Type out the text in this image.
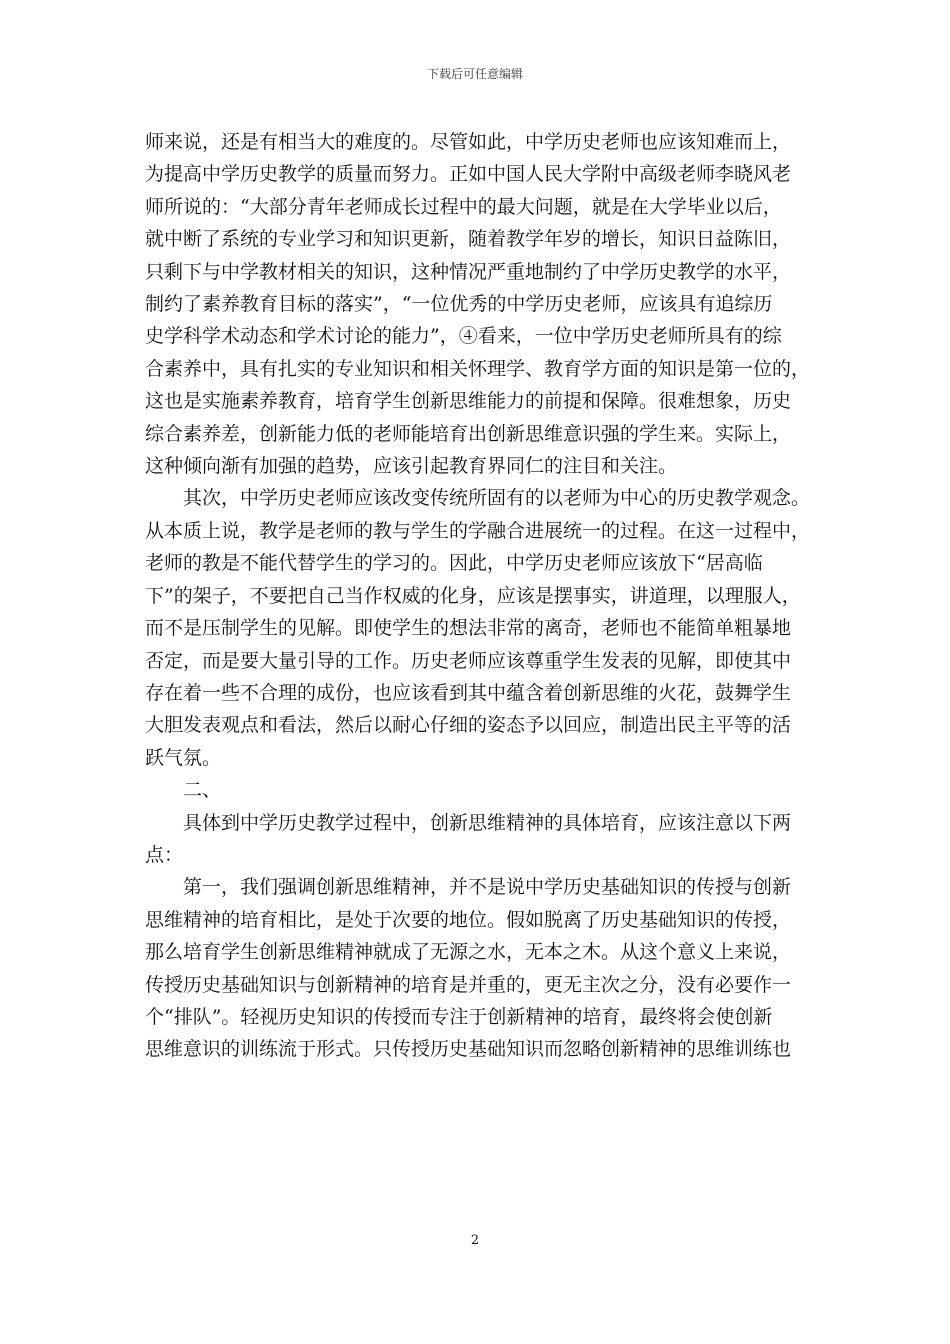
下载后可任意编辑

师来说，还是有相当大的难度的。尽管如此，中学历史老师也应该知难而上，
为提高中学历史教学的质量而努力。正如中国人民大学附中高级老师李晓风老
师所说的：“大部分青年老师成长过程中的最大问题，就是在大学毕业以后，
就中断了系统的专业学习和知识更新，随着教学年岁的增长，知识日益陈旧，
只剩下与中学教材相关的知识，这种情况严重地制约了中学历史教学的水平，
制约了素养教育目标的落实”，“一位优秀的中学历史老师，应该具有追综历
史学科学术动态和学术讨论的能力”，④看来，一位中学历史老师所具有的综
合素养中，具有扎实的专业知识和相关怀理学、教育学方面的知识是第一位的，
这也是实施素养教育，培育学生创新思维能力的前提和保障。很难想象，历史
综合素养差，创新能力低的老师能培育出创新思维意识强的学生来。实际上，
这种倾向渐有加强的趋势，应该引起教育界同仁的注目和关注。

其次，中学历史老师应该改变传统所固有的以老师为中心的历史教学观念。
从本质上说，教学是老师的教与学生的学融合进展统一的过程。在这一过程中，
老师的教是不能代替学生的学习的。因此，中学历史老师应该放下“居高临
下”的架子，不要把自己当作权威的化身，应该是摆事实，讲道理，以理服人，
而不是压制学生的见解。即使学生的想法非常的离奇，老师也不能简单粗暴地
否定，而是要大量引导的工作。历史老师应该尊重学生发表的见解，即使其中
存在着一些不合理的成份，也应该看到其中蕴含着创新思维的火花，鼓舞学生
大胆发表观点和看法，然后以耐心仔细的姿态予以回应，制造出民主平等的活
跃气氛。

二、

具体到中学历史教学过程中，创新思维精神的具体培育，应该注意以下两
点：

第一，我们强调创新思维精神，并不是说中学历史基础知识的传授与创新
思维精神的培育相比，是处于次要的地位。假如脱离了历史基础知识的传授，
那么培育学生创新思维精神就成了无源之水，无本之木。从这个意义上来说，
传授历史基础知识与创新精神的培育是并重的，更无主次之分，没有必要作一
个“排队”。轻视历史知识的传授而专注于创新精神的培育，最终将会使创新
思维意识的训练流于形式。只传授历史基础知识而忽略创新精神的思维训练也

2
